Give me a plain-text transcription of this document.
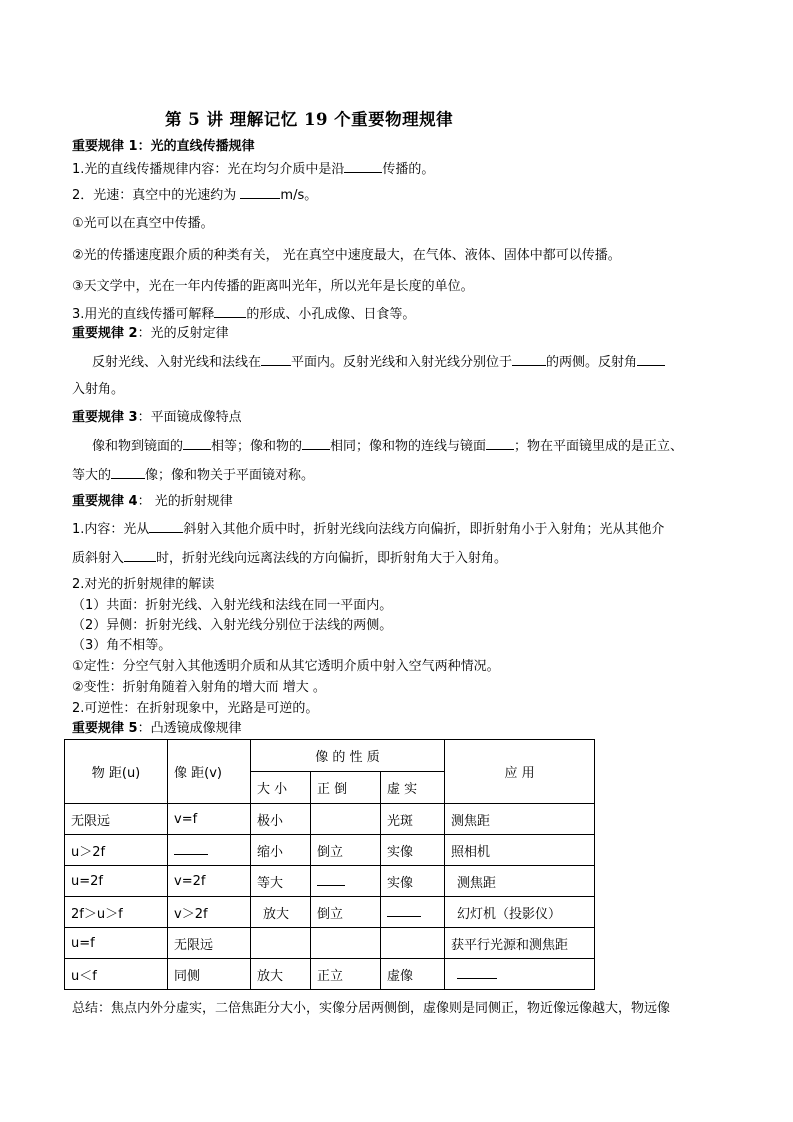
第 5 讲 理解记忆 19 个重要物理规律
重要规律 1：光的直线传播规律
1.光的直线传播规律内容：光在均匀介质中是沿	传播的。
2．光速：真空中的光速约为	m/s。
①光可以在真空中传播。
②光的传播速度跟介质的种类有关， 光在真空中速度最大，在气体、液体、固体中都可以传播。
③天文学中，光在一年内传播的距离叫光年，所以光年是长度的单位。
3.用光的直线传播可解释 的形成、小孔成像、日食等。
重要规律 2：光的反射定律
反射光线、入射光线和法线在 平面内。反射光线和入射光线分别位于	的两侧。反射角
入射角。
重要规律 3：平面镜成像特点
像和物到镜面的 相等；像和物的 相同；像和物的连线与镜面 ；物在平面镜里成的是正立、
等大的	像；像和物关于平面镜对称。
重要规律 4： 光的折射规律
1.内容：光从	斜射入其他介质中时，折射光线向法线方向偏折，即折射角小于入射角；光从其他介
质斜射入 时，折射光线向远离法线的方向偏折，即折射角大于入射角。
2.对光的折射规律的解读
（1）共面：折射光线、入射光线和法线在同一平面内。
（2）异侧：折射光线、入射光线分别位于法线的两侧。
（3）角不相等。
①定性：分空气射入其他透明介质和从其它透明介质中射入空气两种情况。
②变性：折射角随着入射角的增大而 增大 。
2.可逆性：在折射现象中，光路是可逆的。
重要规律 5：凸透镜成像规律
物 距(u)	像 距(v)	像 的 性 质			应 用
		大 小	正 倒	虚 实	
无限远	v=f	极小		光斑	测焦距
u＞2f		缩小	倒立	实像	照相机
u=2f	v=2f	等大		实像	测焦距
2f＞u＞f	v＞2f	放大	倒立		幻灯机（投影仪）
u=f	无限远				获平行光源和测焦距
u＜f	同侧	放大	正立	虚像	
总结：焦点内外分虚实，二倍焦距分大小，实像分居两侧倒，虚像则是同侧正，物近像远像越大，物远像
